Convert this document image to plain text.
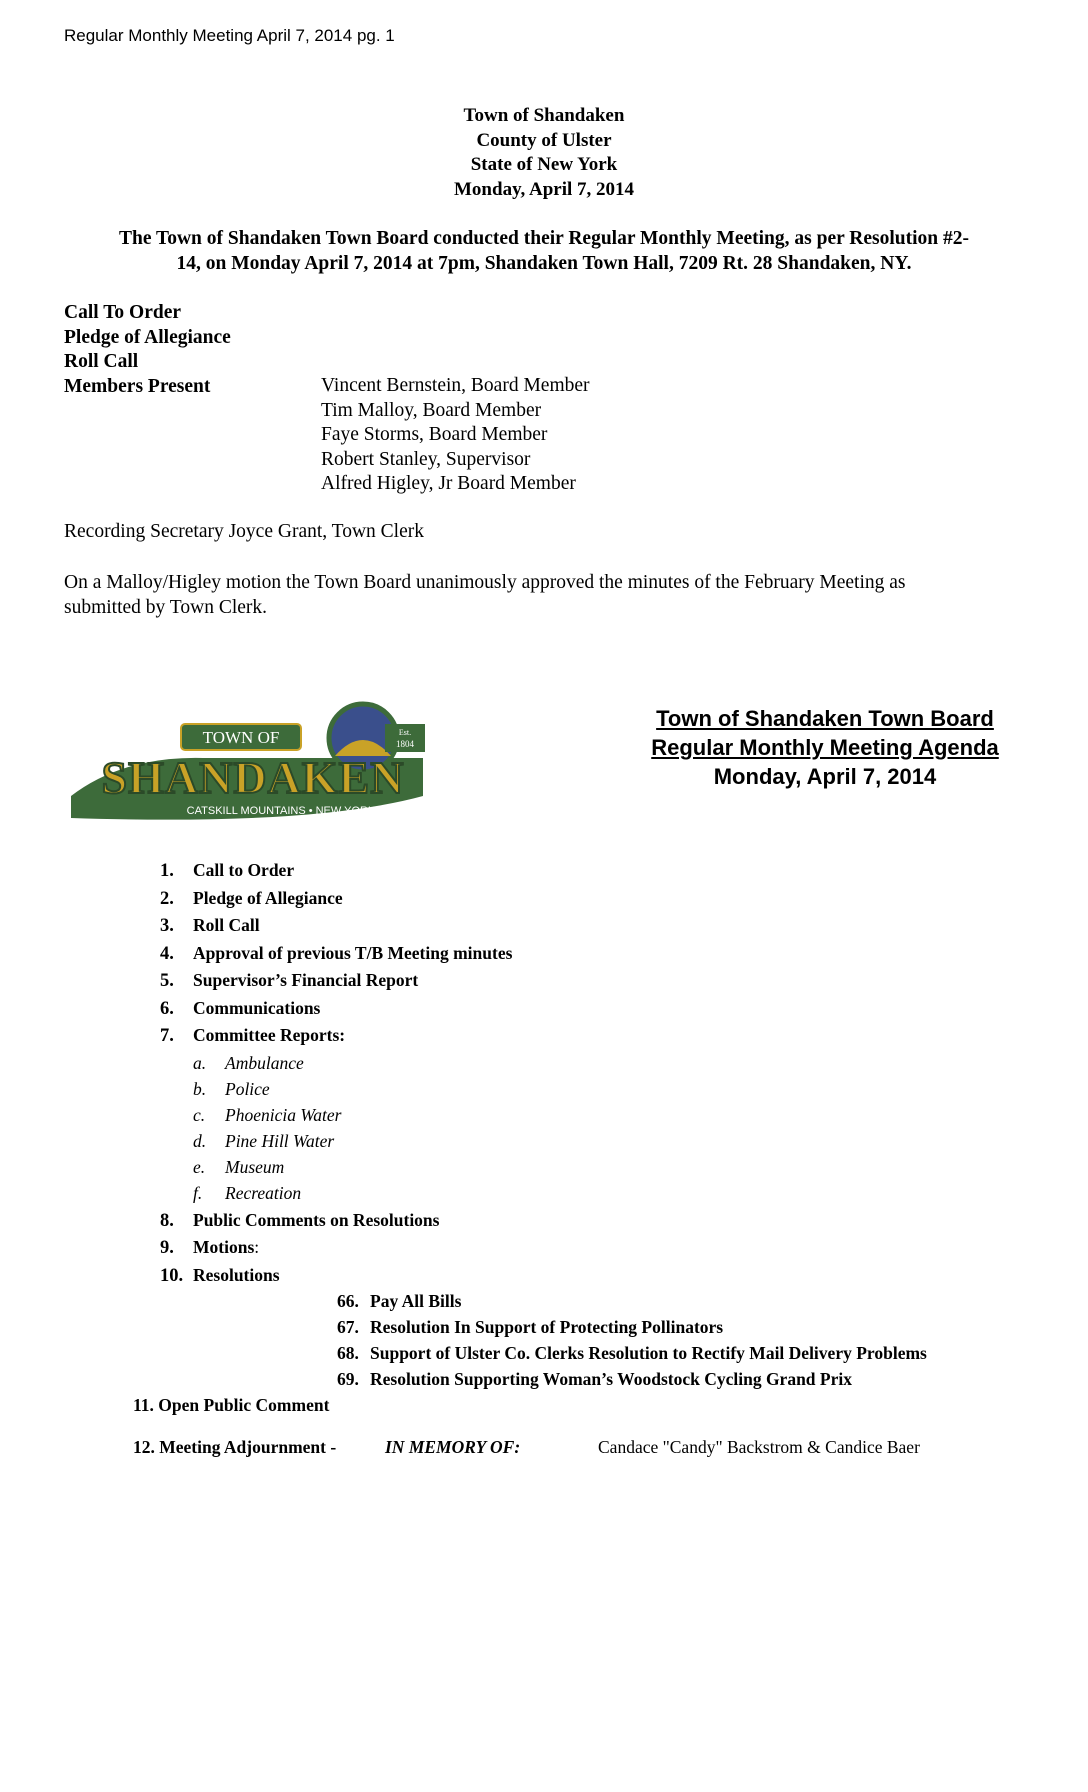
Regular Monthly Meeting April 7, 2014 pg. 1
Town of Shandaken
County of Ulster
State of New York
Monday, April 7, 2014
The Town of Shandaken Town Board conducted their Regular Monthly Meeting, as per Resolution #2-
14, on Monday April 7, 2014 at 7pm, Shandaken Town Hall, 7209 Rt. 28 Shandaken, NY.
Call To Order
Pledge of Allegiance
Roll Call
Members Present	Vincent Bernstein, Board Member
Tim Malloy, Board Member
Faye Storms, Board Member
Robert Stanley, Supervisor
Alfred Higley, Jr Board Member
Recording Secretary Joyce Grant, Town Clerk
On a Malloy/Higley motion the Town Board unanimously approved the minutes of the February Meeting as
submitted by Town Clerk.
TOWN OF	Est.
1804
SHANDAKEN
CATSKILL MOUNTAINS • NEW YORK
Town of Shandaken Town Board
Regular Monthly Meeting Agenda
Monday, April 7, 2014
1. Call to Order
2. Pledge of Allegiance
3. Roll Call
4. Approval of previous T/B Meeting minutes
5. Supervisor’s Financial Report
6. Communications
7. Committee Reports:
a. Ambulance
b. Police
c. Phoenicia Water
d. Pine Hill Water
e. Museum
f. Recreation
8. Public Comments on Resolutions
9. Motions:
10. Resolutions
66. Pay All Bills
67. Resolution In Support of Protecting Pollinators
68. Support of Ulster Co. Clerks Resolution to Rectify Mail Delivery Problems
69. Resolution Supporting Woman’s Woodstock Cycling Grand Prix
11. Open Public Comment
12. Meeting Adjournment -	IN MEMORY OF:	Candace "Candy" Backstrom & Candice Baer
